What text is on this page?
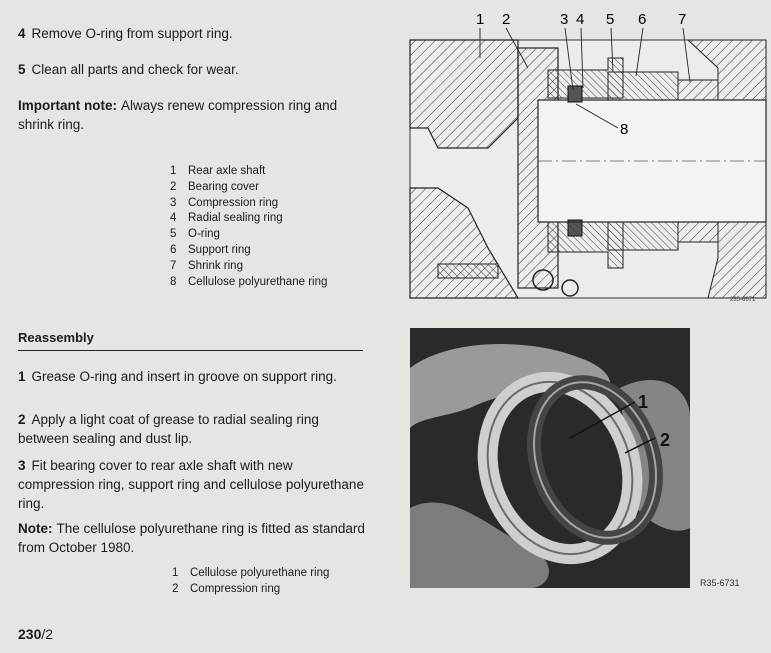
4 Remove O-ring from support ring.
5 Clean all parts and check for wear.
Important note: Always renew compression ring and shrink ring.
1	Rear axle shaft
2	Bearing cover
3	Compression ring
4	Radial sealing ring
5	O-ring
6	Support ring
7	Shrink ring
8	Cellulose polyurethane ring
1 2	3 4 5 6 7
8
235-6671
Reassembly
1 Grease O-ring and insert in groove on support ring.
2 Apply a light coat of grease to radial sealing ring between sealing and dust lip.
3 Fit bearing cover to rear axle shaft with new compression ring, support ring and cellulose polyurethane ring.
Note: The cellulose polyurethane ring is fitted as standard from October 1980.
1	Cellulose polyurethane ring
2	Compression ring
1
2
R35-6731
230/2
